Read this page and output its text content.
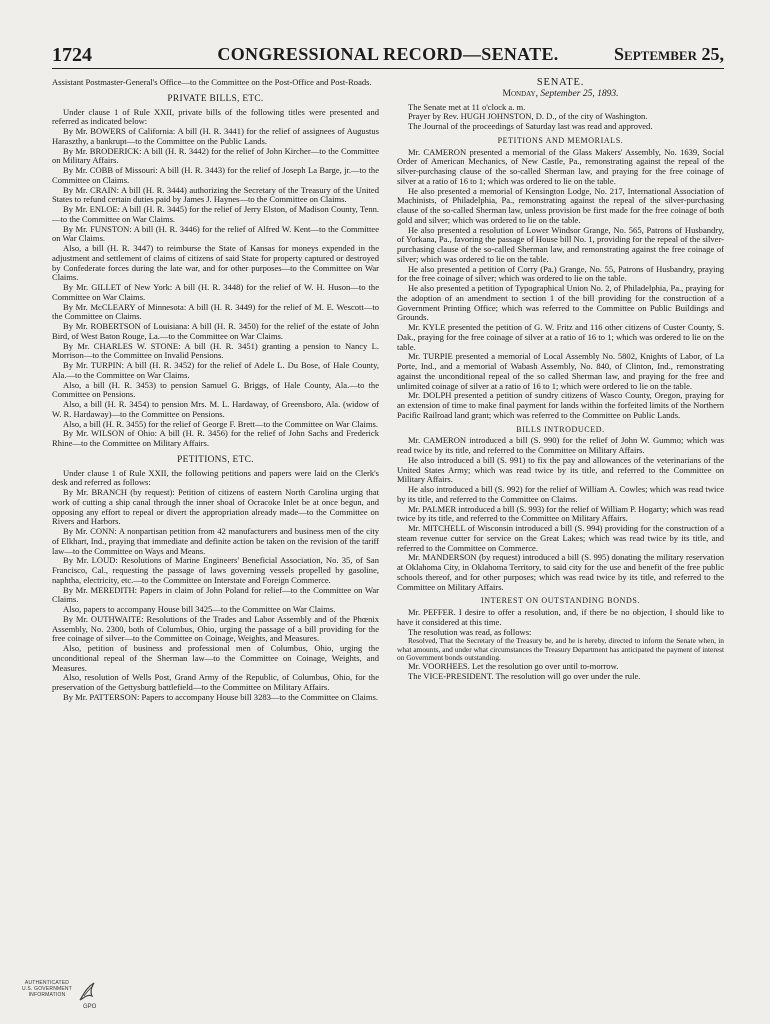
1724	CONGRESSIONAL RECORD—SENATE.	September 25,

Assistant Postmaster-General's Office—to the Committee on the Post-Office and Post-Roads.

PRIVATE BILLS, ETC.

Under clause 1 of Rule XXII, private bills of the following titles were presented and referred as indicated below:

By Mr. BOWERS of California: A bill (H. R. 3441) for the relief of assignees of Augustus Haraszthy, a bankrupt—to the Committee on the Public Lands.

By Mr. BRODERICK: A bill (H. R. 3442) for the relief of John Kircher—to the Committee on Military Affairs.

By Mr. COBB of Missouri: A bill (H. R. 3443) for the relief of Joseph La Barge, jr.—to the Committee on Claims.

By Mr. CRAIN: A bill (H. R. 3444) authorizing the Secretary of the Treasury of the United States to refund certain duties paid by James J. Haynes—to the Committee on Claims.

By Mr. ENLOE: A bill (H. R. 3445) for the relief of Jerry Elston, of Madison County, Tenn.—to the Committee on War Claims.

By Mr. FUNSTON: A bill (H. R. 3446) for the relief of Alfred W. Kent—to the Committee on War Claims.

Also, a bill (H. R. 3447) to reimburse the State of Kansas for moneys expended in the adjustment and settlement of claims of citizens of said State for property captured or destroyed by Confederate forces during the late war, and for other purposes—to the Committee on War Claims.

By Mr. GILLET of New York: A bill (H. R. 3448) for the relief of W. H. Huson—to the Committee on War Claims.

By Mr. McCLEARY of Minnesota: A bill (H. R. 3449) for the relief of M. E. Wescott—to the Committee on Claims.

By Mr. ROBERTSON of Louisiana: A bill (H. R. 3450) for the relief of the estate of John Bird, of West Baton Rouge, La.—to the Committee on War Claims.

By Mr. CHARLES W. STONE: A bill (H. R. 3451) granting a pension to Nancy L. Morrison—to the Committee on Invalid Pensions.

By Mr. TURPIN: A bill (H. R. 3452) for the relief of Adele L. Du Bose, of Hale County, Ala.—to the Committee on War Claims.

Also, a bill (H. R. 3453) to pension Samuel G. Briggs, of Hale County, Ala.—to the Committee on Pensions.

Also, a bill (H. R. 3454) to pension Mrs. M. L. Hardaway, of Greensboro, Ala. (widow of W. R. Hardaway)—to the Committee on Pensions.

Also, a bill (H. R. 3455) for the relief of George F. Brett—to the Committee on War Claims.

By Mr. WILSON of Ohio: A bill (H. R. 3456) for the relief of John Sachs and Frederick Rhine—to the Committee on Military Affairs.

PETITIONS, ETC.

Under clause 1 of Rule XXII, the following petitions and papers were laid on the Clerk's desk and referred as follows:

By Mr. BRANCH (by request): Petition of citizens of eastern North Carolina urging that work of cutting a ship canal through the inner shoal of Ocracoke Inlet be at once begun, and opposing any effort to repeal or divert the appropriation already made—to the Committee on Rivers and Harbors.

By Mr. CONN: A nonpartisan petition from 42 manufacturers and business men of the city of Elkhart, Ind., praying that immediate and definite action be taken on the revision of the tariff law—to the Committee on Ways and Means.

By Mr. LOUD: Resolutions of Marine Engineers' Beneficial Association, No. 35, of San Francisco, Cal., requesting the passage of laws governing vessels propelled by gasoline, naphtha, electricity, etc.—to the Committee on Interstate and Foreign Commerce.

By Mr. MEREDITH: Papers in claim of John Poland for relief—to the Committee on War Claims.

Also, papers to accompany House bill 3425—to the Committee on War Claims.

By Mr. OUTHWAITE: Resolutions of the Trades and Labor Assembly and of the Phœnix Assembly, No. 2300, both of Columbus, Ohio, urging the passage of a bill providing for the free coinage of silver—to the Committee on Coinage, Weights, and Measures.

Also, petition of business and professional men of Columbus, Ohio, urging the unconditional repeal of the Sherman law—to the Committee on Coinage, Weights, and Measures.

Also, resolution of Wells Post, Grand Army of the Republic, of Columbus, Ohio, for the preservation of the Gettysburg battlefield—to the Committee on Military Affairs.

By Mr. PATTERSON: Papers to accompany House bill 3283—to the Committee on Claims.

SENATE.
Monday, September 25, 1893.

The Senate met at 11 o'clock a. m.

Prayer by Rev. HUGH JOHNSTON, D. D., of the city of Washington.

The Journal of the proceedings of Saturday last was read and approved.

PETITIONS AND MEMORIALS.

Mr. CAMERON presented a memorial of the Glass Makers' Assembly, No. 1639, Social Order of American Mechanics, of New Castle, Pa., remonstrating against the repeal of the silver-purchasing clause of the so-called Sherman law, and praying for the free coinage of silver at a ratio of 16 to 1; which was ordered to lie on the table.

He also presented a memorial of Kensington Lodge, No. 217, International Association of Machinists, of Philadelphia, Pa., remonstrating against the repeal of the silver-purchasing clause of the so-called Sherman law, unless provision be first made for the free coinage of both gold and silver; which was ordered to lie on the table.

He also presented a resolution of Lower Windsor Grange, No. 565, Patrons of Husbandry, of Yorkana, Pa., favoring the passage of House bill No. 1, providing for the repeal of the silver-purchasing clause of the so-called Sherman law, and remonstrating against the free coinage of silver; which was ordered to lie on the table.

He also presented a petition of Corry (Pa.) Grange, No. 55, Patrons of Husbandry, praying for the free coinage of silver; which was ordered to lie on the table.

He also presented a petition of Typographical Union No. 2, of Philadelphia, Pa., praying for the adoption of an amendment to section 1 of the bill providing for the construction of a Government Printing Office; which was referred to the Committee on Public Buildings and Grounds.

Mr. KYLE presented the petition of G. W. Fritz and 116 other citizens of Custer County, S. Dak., praying for the free coinage of silver at a ratio of 16 to 1; which was ordered to lie on the table.

Mr. TURPIE presented a memorial of Local Assembly No. 5802, Knights of Labor, of La Porte, Ind., and a memorial of Wabash Assembly, No. 840, of Clinton, Ind., remonstrating against the unconditional repeal of the so called Sherman law, and praying for the free and unlimited coinage of silver at a ratio of 16 to 1; which were ordered to lie on the table.

Mr. DOLPH presented a petition of sundry citizens of Wasco County, Oregon, praying for an extension of time to make final payment for lands within the forfeited limits of the Northern Pacific Railroad land grant; which was referred to the Committee on Public Lands.

BILLS INTRODUCED.

Mr. CAMERON introduced a bill (S. 990) for the relief of John W. Gummo; which was read twice by its title, and referred to the Committee on Military Affairs.

He also introduced a bill (S. 991) to fix the pay and allowances of the veterinarians of the United States Army; which was read twice by its title, and referred to the Committee on Military Affairs.

He also introduced a bill (S. 992) for the relief of William A. Cowles; which was read twice by its title, and referred to the Committee on Claims.

Mr. PALMER introduced a bill (S. 993) for the relief of William P. Hogarty; which was read twice by its title, and referred to the Committee on Military Affairs.

Mr. MITCHELL of Wisconsin introduced a bill (S. 994) providing for the construction of a steam revenue cutter for service on the Great Lakes; which was read twice by its title, and referred to the Committee on Commerce.

Mr. MANDERSON (by request) introduced a bill (S. 995) donating the military reservation at Oklahoma City, in Oklahoma Territory, to said city for the use and benefit of the free public schools thereof, and for other purposes; which was read twice by its title, and referred to the Committee on Military Affairs.

INTEREST ON OUTSTANDING BONDS.

Mr. PEFFER. I desire to offer a resolution, and, if there be no objection, I should like to have it considered at this time.

The resolution was read, as follows:

Resolved, That the Secretary of the Treasury be, and he is hereby, directed to inform the Senate when, in what amounts, and under what circumstances the Treasury Department has anticipated the payment of interest on Government bonds outstanding.

Mr. VOORHEES. Let the resolution go over until to-morrow.

The VICE-PRESIDENT. The resolution will go over under the rule.

AUTHENTICATED
U.S. GOVERNMENT
INFORMATION
GPO
